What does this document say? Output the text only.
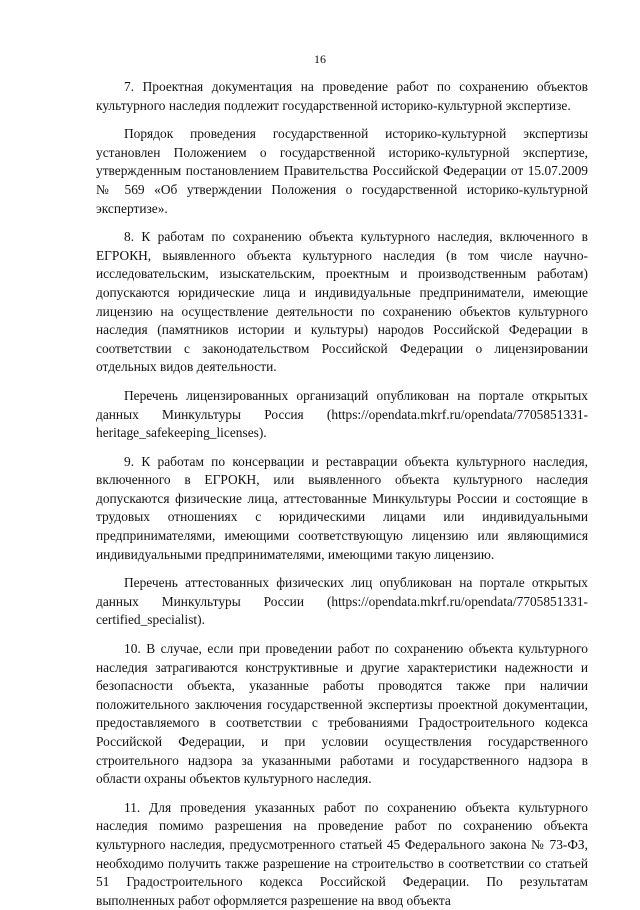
16

7. Проектная документация на проведение работ по сохранению объектов культурного наследия подлежит государственной историко-культурной экспертизе.

Порядок проведения государственной историко-культурной экспертизы установлен Положением о государственной историко-культурной экспертизе, утвержденным постановлением Правительства Российской Федерации от 15.07.2009 № 569 «Об утверждении Положения о государственной историко-культурной экспертизе».

8. К работам по сохранению объекта культурного наследия, включенного в ЕГРОКН, выявленного объекта культурного наследия (в том числе научно-исследовательским, изыскательским, проектным и производственным работам) допускаются юридические лица и индивидуальные предприниматели, имеющие лицензию на осуществление деятельности по сохранению объектов культурного наследия (памятников истории и культуры) народов Российской Федерации в соответствии с законодательством Российской Федерации о лицензировании отдельных видов деятельности.

Перечень лицензированных организаций опубликован на портале открытых данных Минкультуры Россия (https://opendata.mkrf.ru/opendata/7705851331-heritage_safekeeping_licenses).

9. К работам по консервации и реставрации объекта культурного наследия, включенного в ЕГРОКН, или выявленного объекта культурного наследия допускаются физические лица, аттестованные Минкультуры России и состоящие в трудовых отношениях с юридическими лицами или индивидуальными предпринимателями, имеющими соответствующую лицензию или являющимися индивидуальными предпринимателями, имеющими такую лицензию.

Перечень аттестованных физических лиц опубликован на портале открытых данных Минкультуры России (https://opendata.mkrf.ru/opendata/7705851331-certified_specialist).

10. В случае, если при проведении работ по сохранению объекта культурного наследия затрагиваются конструктивные и другие характеристики надежности и безопасности объекта, указанные работы проводятся также при наличии положительного заключения государственной экспертизы проектной документации, предоставляемого в соответствии с требованиями Градостроительного кодекса Российской Федерации, и при условии осуществления государственного строительного надзора за указанными работами и государственного надзора в области охраны объектов культурного наследия.

11. Для проведения указанных работ по сохранению объекта культурного наследия помимо разрешения на проведение работ по сохранению объекта культурного наследия, предусмотренного статьей 45 Федерального закона № 73-ФЗ, необходимо получить также разрешение на строительство в соответствии со статьей 51 Градостроительного кодекса Российской Федерации. По результатам выполненных работ оформляется разрешение на ввод объекта
